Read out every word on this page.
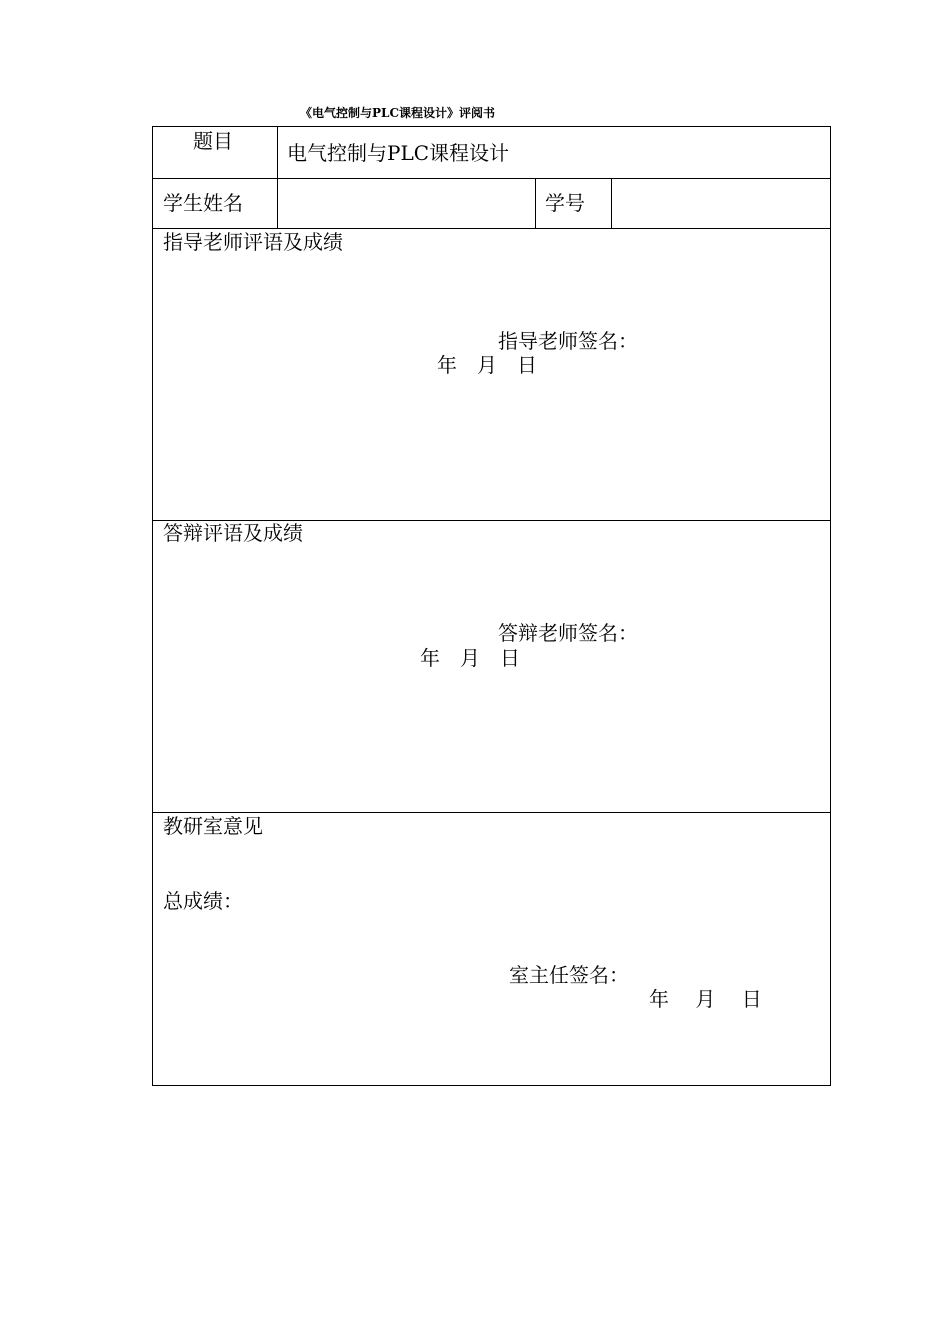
《电气控制与PLC课程设计》评阅书
题目	电气控制与PLC课程设计
学生姓名	学号
指导老师评语及成绩
指导老师签名：
年　月　日
答辩评语及成绩
答辩老师签名：
年　月　日
教研室意见
总成绩：
室主任签名：
年　 月　 日
